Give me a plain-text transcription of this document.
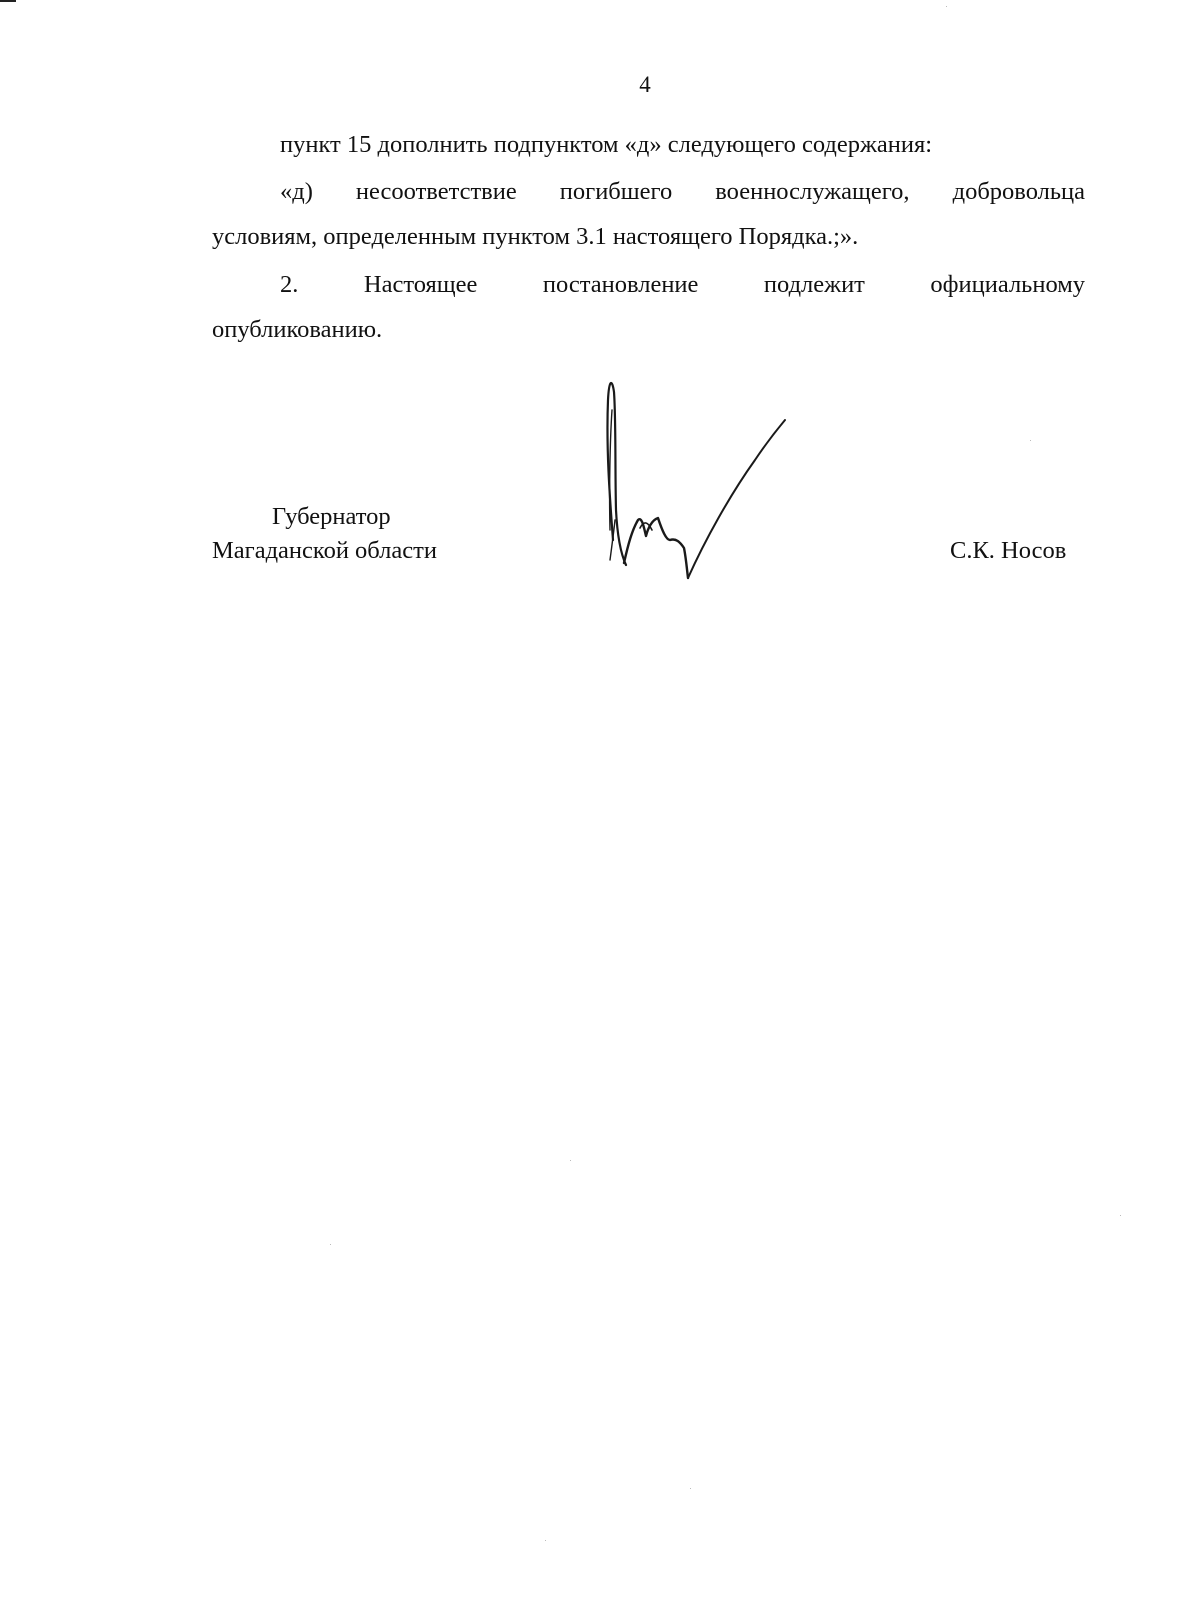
4
пункт 15 дополнить подпунктом «д» следующего содержания:
«д) несоответствие погибшего военнослужащего, добровольца
условиям, определенным пунктом 3.1 настоящего Порядка.;».
2. Настоящее постановление подлежит официальному
опубликованию.
Губернатор
Магаданской области	С.К. Носов
